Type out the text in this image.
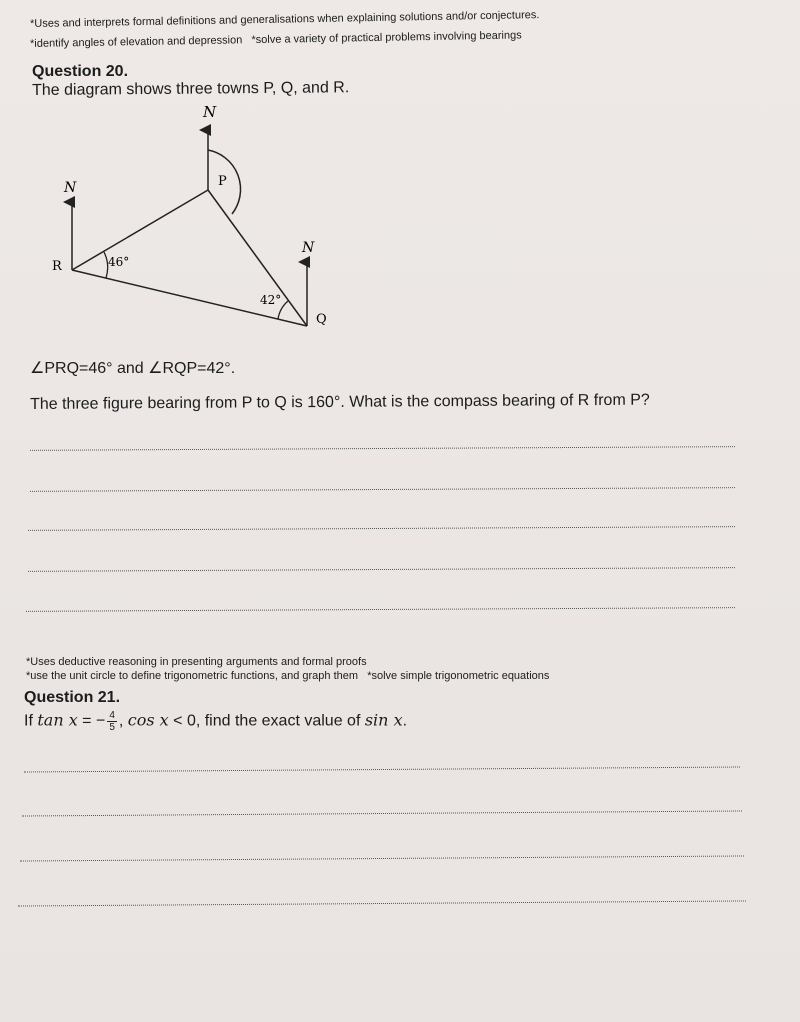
*Uses and interprets formal definitions and generalisations when explaining solutions and/or conjectures.
*identify angles of elevation and depression *solve a variety of practical problems involving bearings
Question 20.
The diagram shows three towns P, Q, and R.
N
N
N
P
R
Q
46°
42°
∠PRQ=46° and ∠RQP=42°.
The three figure bearing from P to Q is 160°. What is the compass bearing of R from P?
*Uses deductive reasoning in presenting arguments and formal proofs
*use the unit circle to define trigonometric functions, and graph them *solve simple trigonometric equations
Question 21.
If tan x = − $\frac{4}{5}$ , cos x < 0, find the exact value of sin x.
